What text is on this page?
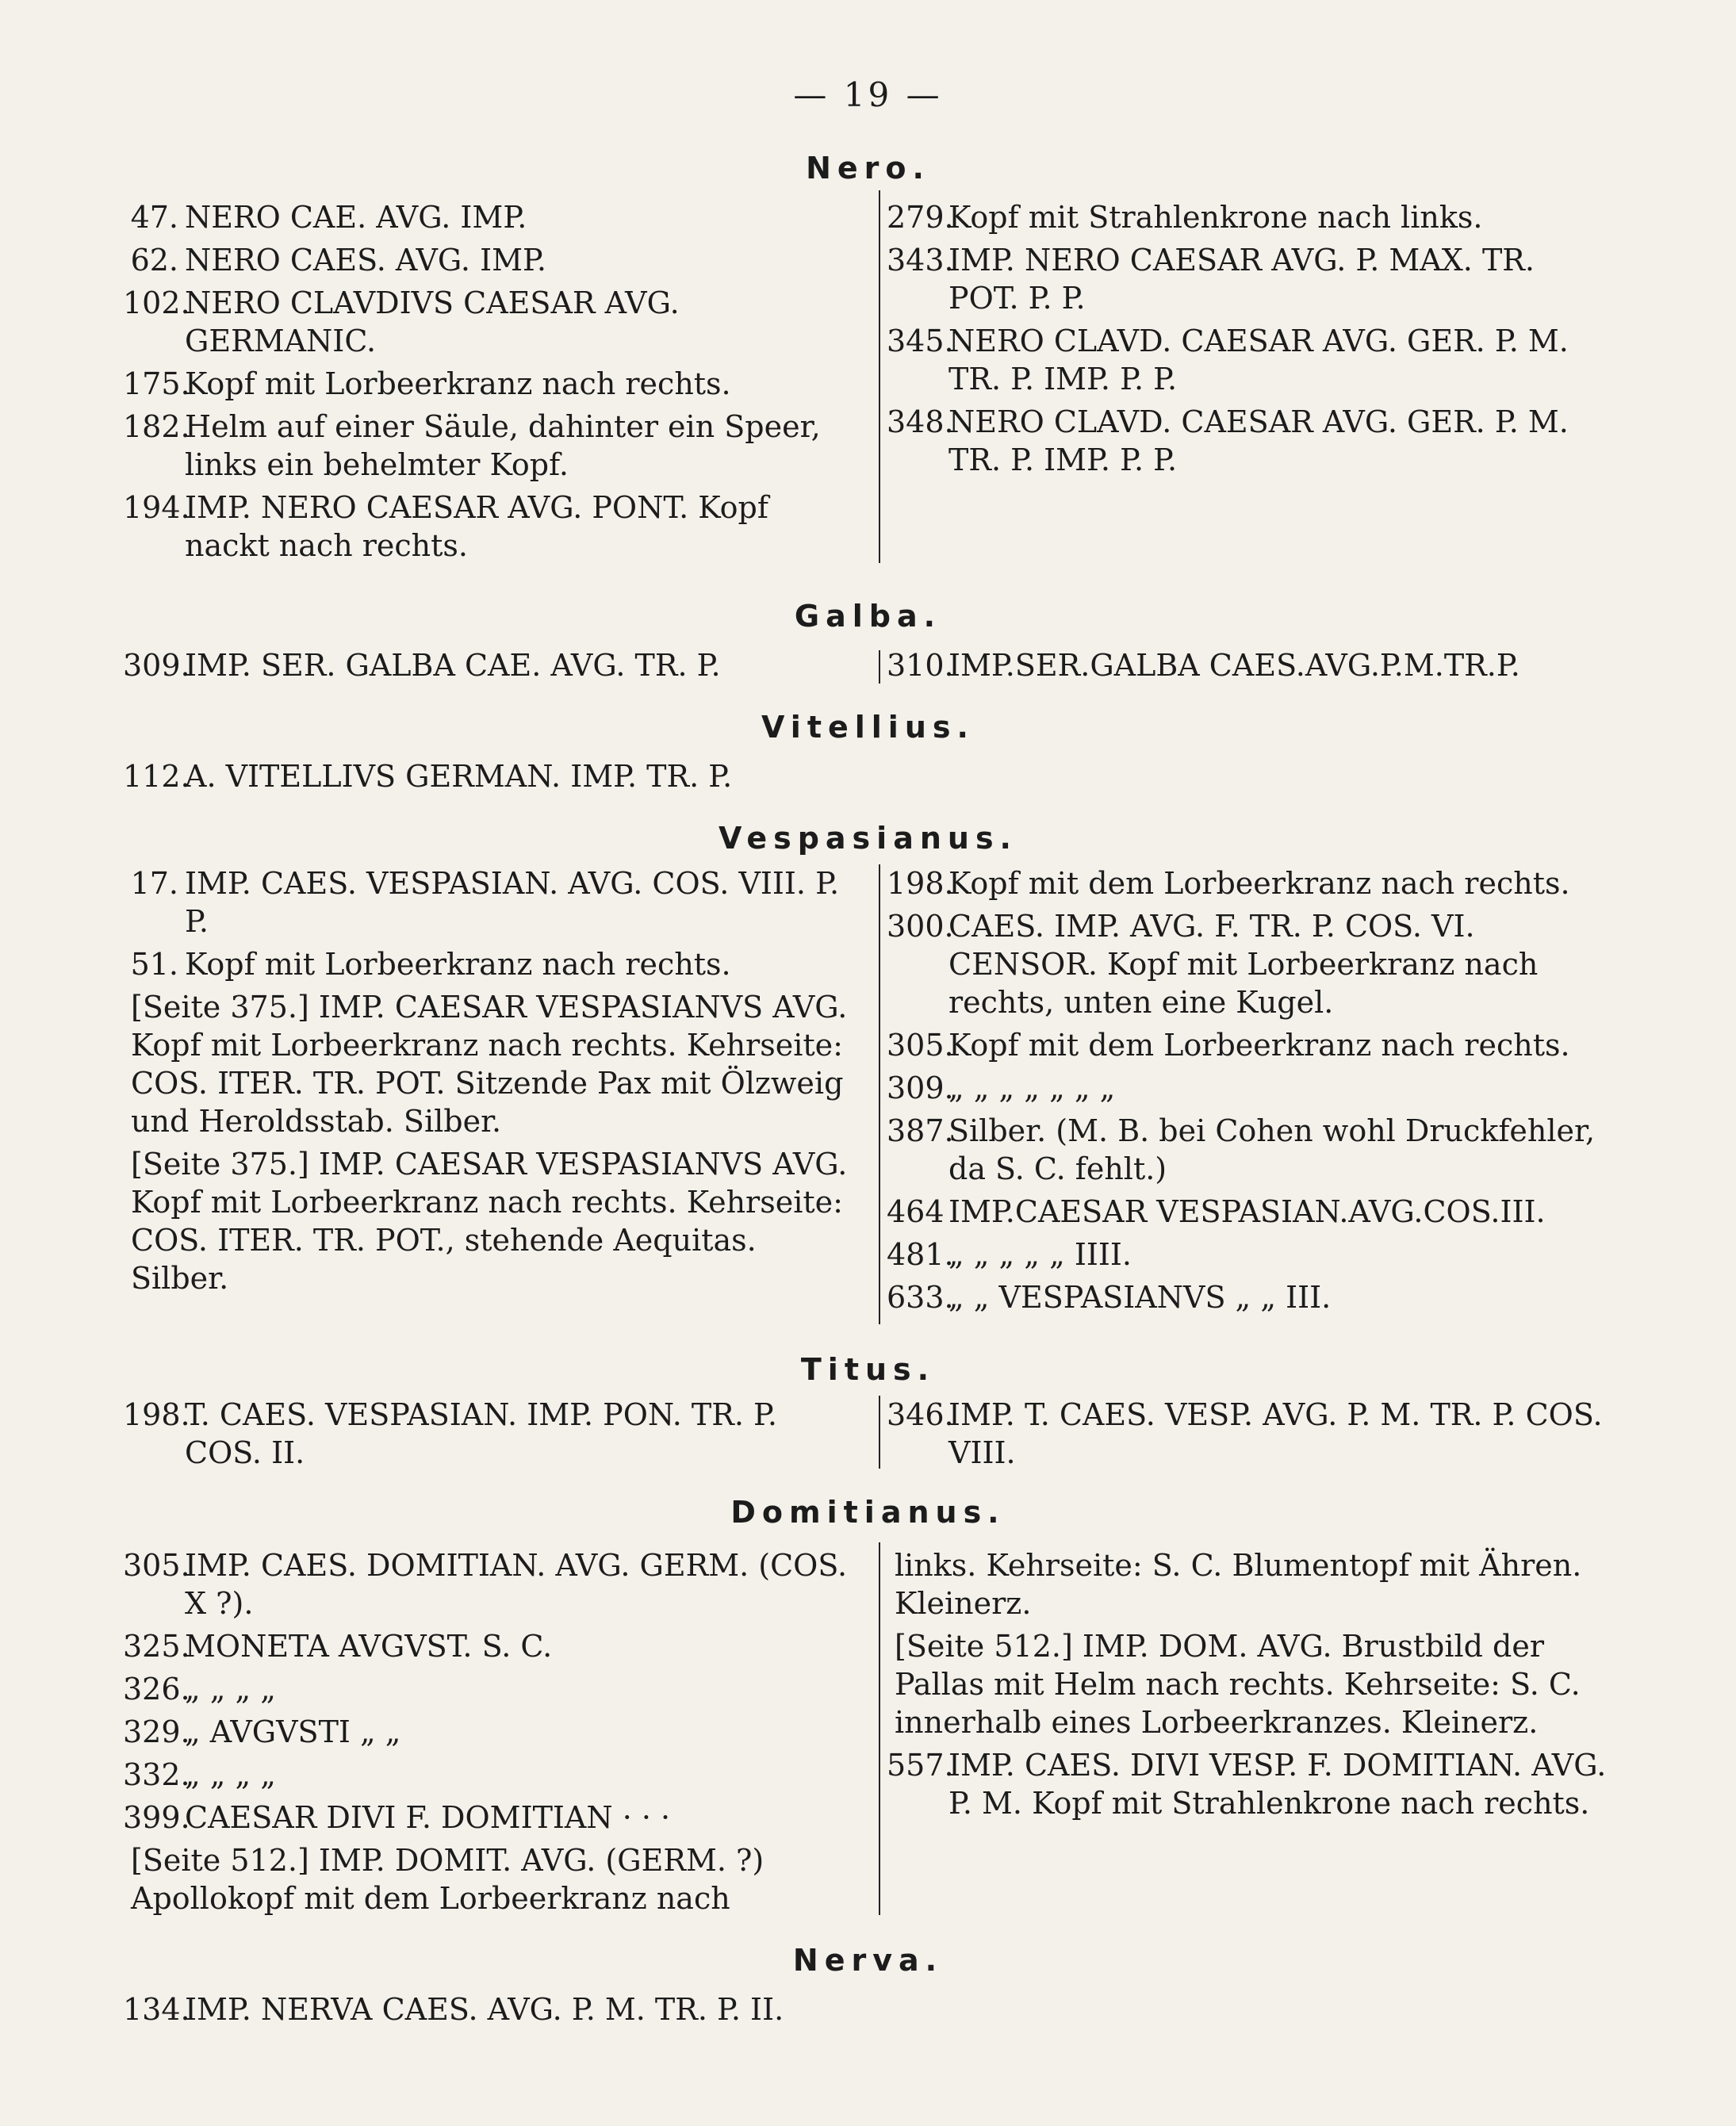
— 19 —
Nero.
47. NERO CAE. AVG. IMP.
62. NERO CAES. AVG. IMP.
102.
NERO CLAVDIVS CAESAR AVG. GERMANIC.
175.
Kopf mit Lorbeerkranz nach rechts.
182.
Helm auf einer Säule, dahinter ein Speer, links ein behelmter Kopf.
194.
IMP. NERO CAESAR AVG. PONT. Kopf nackt nach rechts.
279.
Kopf mit Strahlenkrone nach links.
343.
IMP. NERO CAESAR AVG. P. MAX. TR. POT. P. P.
345.
NERO CLAVD. CAESAR AVG. GER. P. M. TR. P. IMP. P. P.
348.
NERO CLAVD. CAESAR AVG. GER. P. M. TR. P. IMP. P. P.
Galba.
309.
IMP. SER. GALBA CAE. AVG. TR. P.	310.
IMP.SER.GALBA CAES.AVG.P.M.TR.P.
Vitellius.
112.
A. VITELLIVS GERMAN. IMP. TR. P.
Vespasianus.
17. IMP. CAES. VESPASIAN. AVG. COS. VIII. P. P.
51. Kopf mit Lorbeerkranz nach rechts.
[Seite 375.] IMP. CAESAR VESPASIANVS AVG. Kopf mit Lorbeerkranz nach rechts. Kehrseite: COS. ITER. TR. POT. Sitzende Pax mit Ölzweig und Heroldsstab. Silber.
[Seite 375.] IMP. CAESAR VESPASIANVS AVG. Kopf mit Lorbeerkranz nach rechts. Kehrseite: COS. ITER. TR. POT., stehende Aequitas. Silber.
198.
Kopf mit dem Lorbeerkranz nach rechts.
300.
CAES. IMP. AVG. F. TR. P. COS. VI. CENSOR. Kopf mit Lorbeerkranz nach rechts, unten eine Kugel.
305.
Kopf mit dem Lorbeerkranz nach rechts.
309.
„ „ „ „ „ „ „
387.
Silber. (M. B. bei Cohen wohl Druckfehler, da S. C. fehlt.)
464 IMP.CAESAR VESPASIAN.AVG.COS.III.
481.
„ „ „ „ „ IIII.
633.
„ „ VESPASIANVS „ „ III.
Titus.
198.
T. CAES. VESPASIAN. IMP. PON. TR. P. COS. II.
346.
IMP. T. CAES. VESP. AVG. P. M. TR. P. COS. VIII.
Domitianus.
305.
IMP. CAES. DOMITIAN. AVG. GERM. (COS. X ?).
325.
MONETA AVGVST. S. C.
326.
„ „ „ „
329.
„ AVGVSTI „ „
332.
„ „ „ „
399.
CAESAR DIVI F. DOMITIAN · · ·
[Seite 512.] IMP. DOMIT. AVG. (GERM. ?) Apollokopf mit dem Lorbeerkranz nach
links. Kehrseite: S. C. Blumentopf mit Ähren. Kleinerz.
[Seite 512.] IMP. DOM. AVG. Brustbild der Pallas mit Helm nach rechts. Kehrseite: S. C. innerhalb eines Lorbeerkranzes. Kleinerz.
557.
IMP. CAES. DIVI VESP. F. DOMITIAN. AVG. P. M. Kopf mit Strahlenkrone nach rechts.
Nerva.
134.
IMP. NERVA CAES. AVG. P. M. TR. P. II.
